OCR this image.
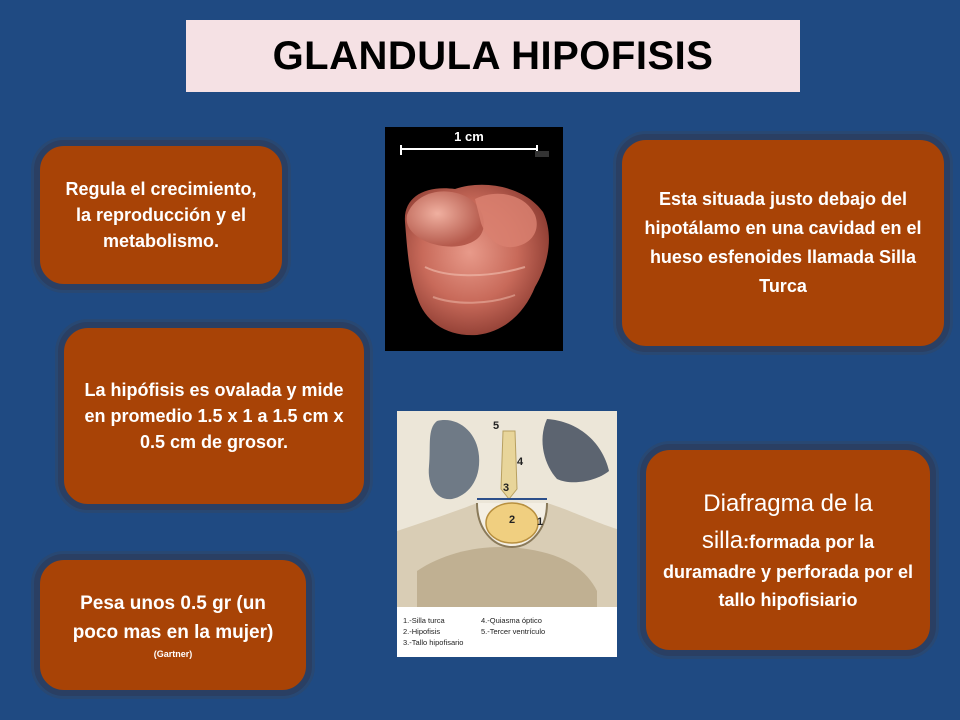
GLANDULA HIPOFISIS
Regula el crecimiento, la reproducción y el metabolismo.
La hipófisis es ovalada y mide en promedio 1.5 x 1 a 1.5 cm x 0.5 cm de grosor.
Pesa unos 0.5 gr (un poco mas en la mujer)
(Gartner)
Esta situada justo debajo del hipotálamo en una cavidad en el hueso esfenoides llamada Silla Turca
Diafragma de la silla:formada por la duramadre y perforada por el tallo hipofisiario
1 cm
5
4
3
2 1
1.-Silla turca
2.-Hipofisis
3.-Tallo hipofisario
4.-Quiasma óptico
5.-Tercer ventrículo
